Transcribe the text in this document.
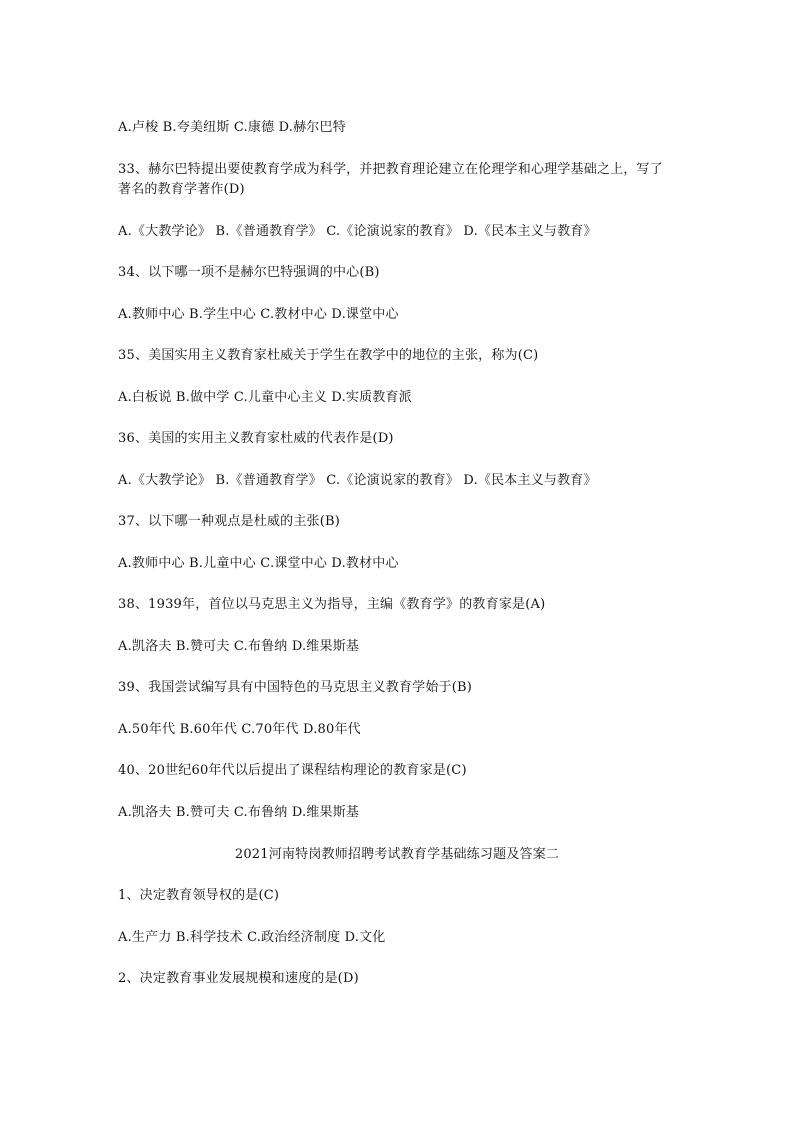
A.卢梭 B.夸美纽斯 C.康德 D.赫尔巴特
33、赫尔巴特提出要使教育学成为科学，并把教育理论建立在伦理学和心理学基础之上，写了著名的教育学著作(D)
A.《大教学论》 B.《普通教育学》 C.《论演说家的教育》 D.《民本主义与教育》
34、以下哪一项不是赫尔巴特强调的中心(B)
A.教师中心 B.学生中心 C.教材中心 D.课堂中心
35、美国实用主义教育家杜威关于学生在教学中的地位的主张，称为(C)
A.白板说 B.做中学 C.儿童中心主义 D.实质教育派
36、美国的实用主义教育家杜威的代表作是(D)
A.《大教学论》 B.《普通教育学》 C.《论演说家的教育》 D.《民本主义与教育》
37、以下哪一种观点是杜威的主张(B)
A.教师中心 B.儿童中心 C.课堂中心 D.教材中心
38、1939年，首位以马克思主义为指导，主编《教育学》的教育家是(A)
A.凯洛夫 B.赞可夫 C.布鲁纳 D.维果斯基
39、我国尝试编写具有中国特色的马克思主义教育学始于(B)
A.50年代 B.60年代 C.70年代 D.80年代
40、20世纪60年代以后提出了课程结构理论的教育家是(C)
A.凯洛夫 B.赞可夫 C.布鲁纳 D.维果斯基
2021河南特岗教师招聘考试教育学基础练习题及答案二
1、决定教育领导权的是(C)
A.生产力 B.科学技术 C.政治经济制度 D.文化
2、决定教育事业发展规模和速度的是(D)
